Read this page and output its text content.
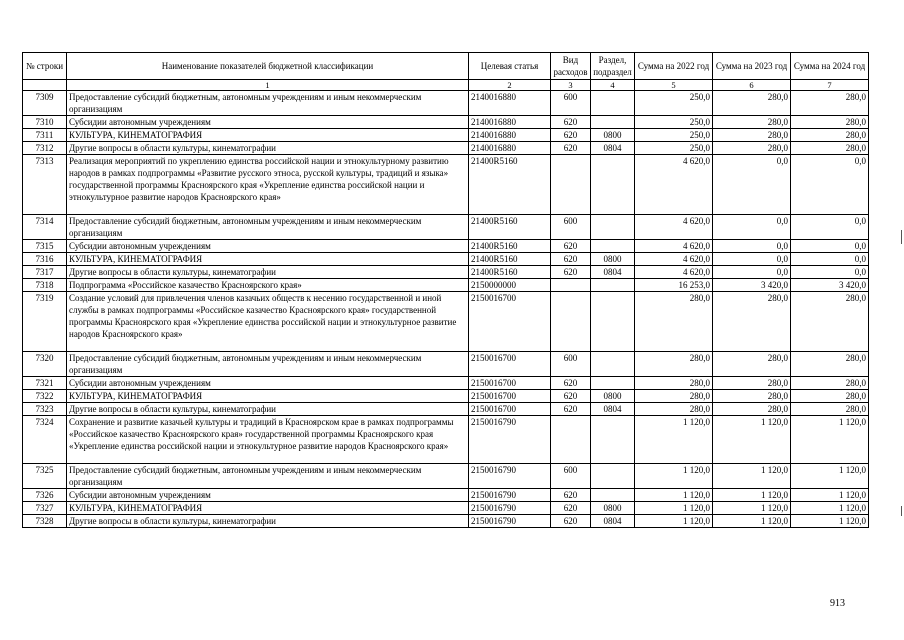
№ строки	Наименование показателей бюджетной классификации	Целевая статья	Вид расходов	Раздел, подраздел	Сумма на 2022 год	Сумма на 2023 год	Сумма на 2024 год
	1	2	3	4	5	6	7
7309	Предоставление субсидий бюджетным, автономным учреждениям и иным некоммерческим организациям	2140016880	600		250,0	280,0	280,0
7310	Субсидии автономным учреждениям	2140016880	620		250,0	280,0	280,0
7311	КУЛЬТУРА, КИНЕМАТОГРАФИЯ	2140016880	620	0800	250,0	280,0	280,0
7312	Другие вопросы в области культуры, кинематографии	2140016880	620	0804	250,0	280,0	280,0
7313	Реализация мероприятий по укреплению единства российской нации и этнокультурному развитию народов в рамках подпрограммы «Развитие русского этноса, русской культуры, традиций и языка» государственной программы Красноярского края «Укрепление единства российской нации и этнокультурное развитие народов Красноярского края»	21400R5160			4 620,0	0,0	0,0
7314	Предоставление субсидий бюджетным, автономным учреждениям и иным некоммерческим организациям	21400R5160	600		4 620,0	0,0	0,0
7315	Субсидии автономным учреждениям	21400R5160	620		4 620,0	0,0	0,0
7316	КУЛЬТУРА, КИНЕМАТОГРАФИЯ	21400R5160	620	0800	4 620,0	0,0	0,0
7317	Другие вопросы в области культуры, кинематографии	21400R5160	620	0804	4 620,0	0,0	0,0
7318	Подпрограмма «Российское казачество Красноярского края»	2150000000			16 253,0	3 420,0	3 420,0
7319	Создание условий для привлечения членов казачьих обществ к несению государственной и иной службы в рамках подпрограммы «Российское казачество Красноярского края» государственной программы Красноярского края «Укрепление единства российской нации и этнокультурное развитие народов Красноярского края»	2150016700			280,0	280,0	280,0
7320	Предоставление субсидий бюджетным, автономным учреждениям и иным некоммерческим организациям	2150016700	600		280,0	280,0	280,0
7321	Субсидии автономным учреждениям	2150016700	620		280,0	280,0	280,0
7322	КУЛЬТУРА, КИНЕМАТОГРАФИЯ	2150016700	620	0800	280,0	280,0	280,0
7323	Другие вопросы в области культуры, кинематографии	2150016700	620	0804	280,0	280,0	280,0
7324	Сохранение и развитие казачьей культуры и традиций в Красноярском крае в рамках подпрограммы «Российское казачество Красноярского края» государственной программы Красноярского края «Укрепление единства российской нации и этнокультурное развитие народов Красноярского края»	2150016790			1 120,0	1 120,0	1 120,0
7325	Предоставление субсидий бюджетным, автономным учреждениям и иным некоммерческим организациям	2150016790	600		1 120,0	1 120,0	1 120,0
7326	Субсидии автономным учреждениям	2150016790	620		1 120,0	1 120,0	1 120,0
7327	КУЛЬТУРА, КИНЕМАТОГРАФИЯ	2150016790	620	0800	1 120,0	1 120,0	1 120,0
7328	Другие вопросы в области культуры, кинематографии	2150016790	620	0804	1 120,0	1 120,0	1 120,0
913
